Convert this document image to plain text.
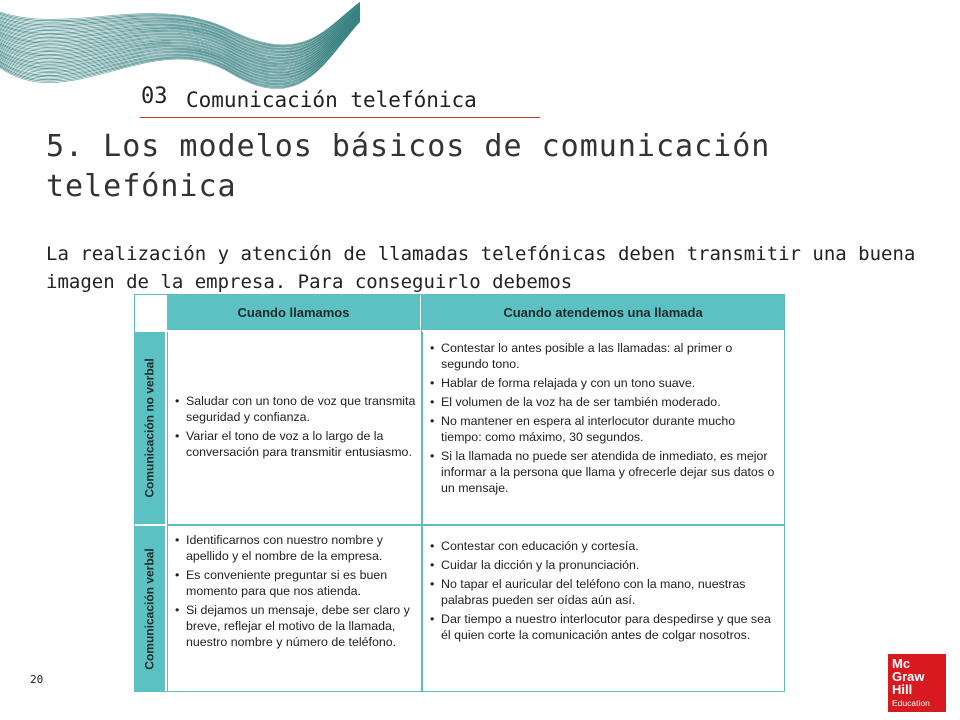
03 Comunicación telefónica
5. Los modelos básicos de comunicación telefónica

La realización y atención de llamadas telefónicas deben transmitir una buena imagen de la empresa. Para conseguirlo debemos

Cuando llamamos	Cuando atendemos una llamada
Comunicación no verbal
Comunicación verbal
• Saludar con un tono de voz que transmita seguridad y confianza.
• Variar el tono de voz a lo largo de la conversación para transmitir entusiasmo.
• Contestar lo antes posible a las llamadas: al primer o segundo tono.
• Hablar de forma relajada y con un tono suave.
• El volumen de la voz ha de ser también moderado.
• No mantener en espera al interlocutor durante mucho tiempo: como máximo, 30 segundos.
• Si la llamada no puede ser atendida de inmediato, es mejor informar a la persona que llama y ofrecerle dejar sus datos o un mensaje.
• Identificarnos con nuestro nombre y apellido y el nombre de la empresa.
• Es conveniente preguntar si es buen momento para que nos atienda.
• Si dejamos un mensaje, debe ser claro y breve, reflejar el motivo de la llamada, nuestro nombre y número de teléfono.
• Contestar con educación y cortesía.
• Cuidar la dicción y la pronunciación.
• No tapar el auricular del teléfono con la mano, nuestras palabras pueden ser oídas aún así.
• Dar tiempo a nuestro interlocutor para despedirse y que sea él quien corte la comunicación antes de colgar nosotros.
20
Mc
Graw
Hill
Education
